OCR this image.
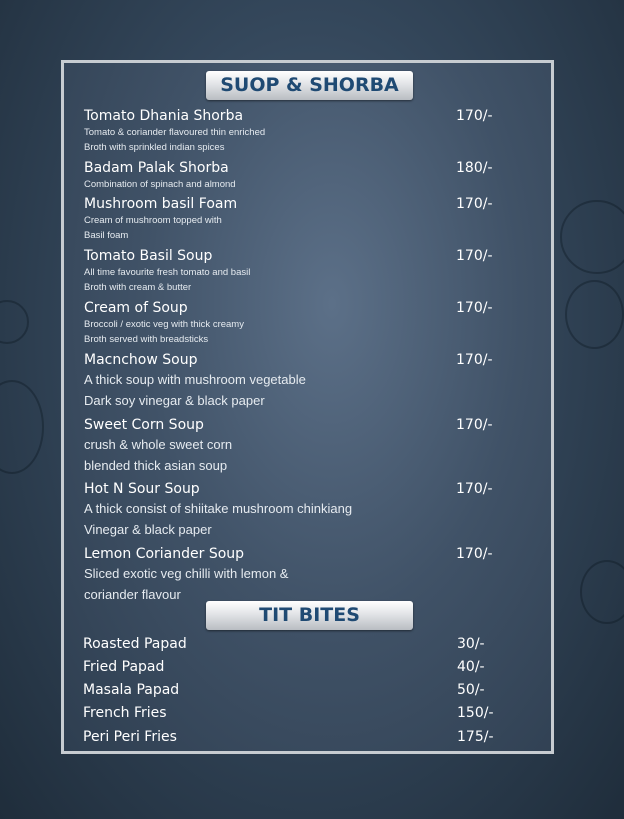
SUOP & SHORBA
Tomato Dhania Shorba	170/-
Tomato & coriander flavoured thin enriched
Broth with sprinkled indian spices
Badam Palak Shorba	180/-
Combination of spinach and almond
Mushroom basil Foam	170/-
Cream of mushroom topped with
Basil foam
Tomato Basil Soup	170/-
All time favourite fresh tomato and basil
Broth with cream & butter
Cream of Soup	170/-
Broccoli / exotic veg with thick creamy
Broth served with breadsticks
Macnchow Soup	170/-
A thick soup with mushroom vegetable
Dark soy vinegar & black paper
Sweet Corn Soup	170/-
crush & whole sweet corn
blended thick asian soup
Hot N Sour Soup	170/-
A thick consist of shiitake mushroom chinkiang
Vinegar & black paper
Lemon Coriander Soup	170/-
Sliced exotic veg chilli with lemon &
coriander flavour
TIT BITES
Roasted Papad	30/-
Fried Papad	40/-
Masala Papad	50/-
French Fries	150/-
Peri Peri Fries	175/-
